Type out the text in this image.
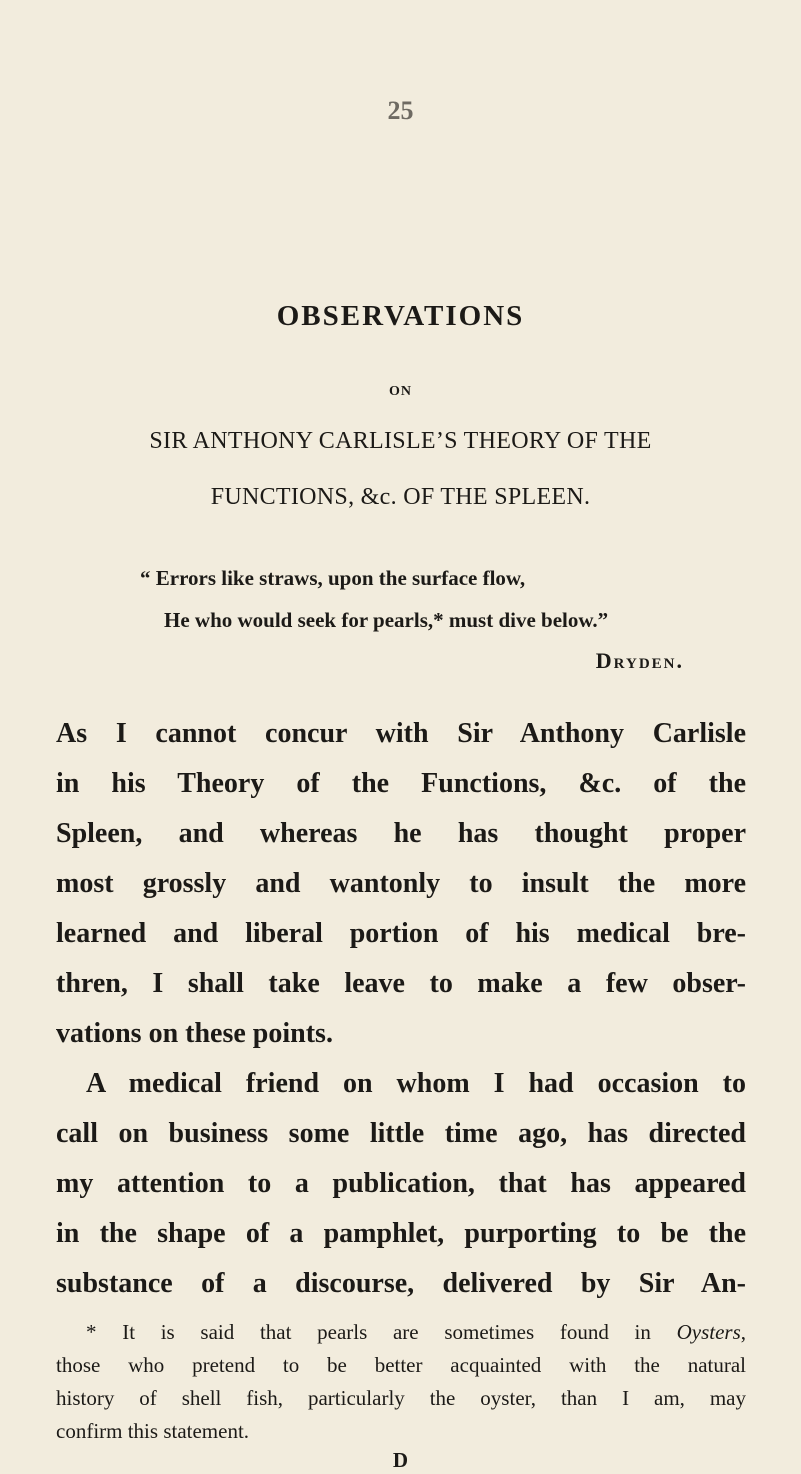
25
OBSERVATIONS
ON
SIR ANTHONY CARLISLE’S THEORY OF THE
FUNCTIONS, &c. OF THE SPLEEN.
“ Errors like straws, upon the surface flow,
He who would seek for pearls,* must dive below.”
Dryden.
As I cannot concur with Sir Anthony Carlisle
in his Theory of the Functions, &c. of the
Spleen, and whereas he has thought proper
most grossly and wantonly to insult the more
learned and liberal portion of his medical bre-
thren, I shall take leave to make a few obser-
vations on these points.
A medical friend on whom I had occasion to
call on business some little time ago, has directed
my attention to a publication, that has appeared
in the shape of a pamphlet, purporting to be the
substance of a discourse, delivered by Sir An-
* It is said that pearls are sometimes found in Oysters,
those who pretend to be better acquainted with the natural
history of shell fish, particularly the oyster, than I am, may
confirm this statement.
D
